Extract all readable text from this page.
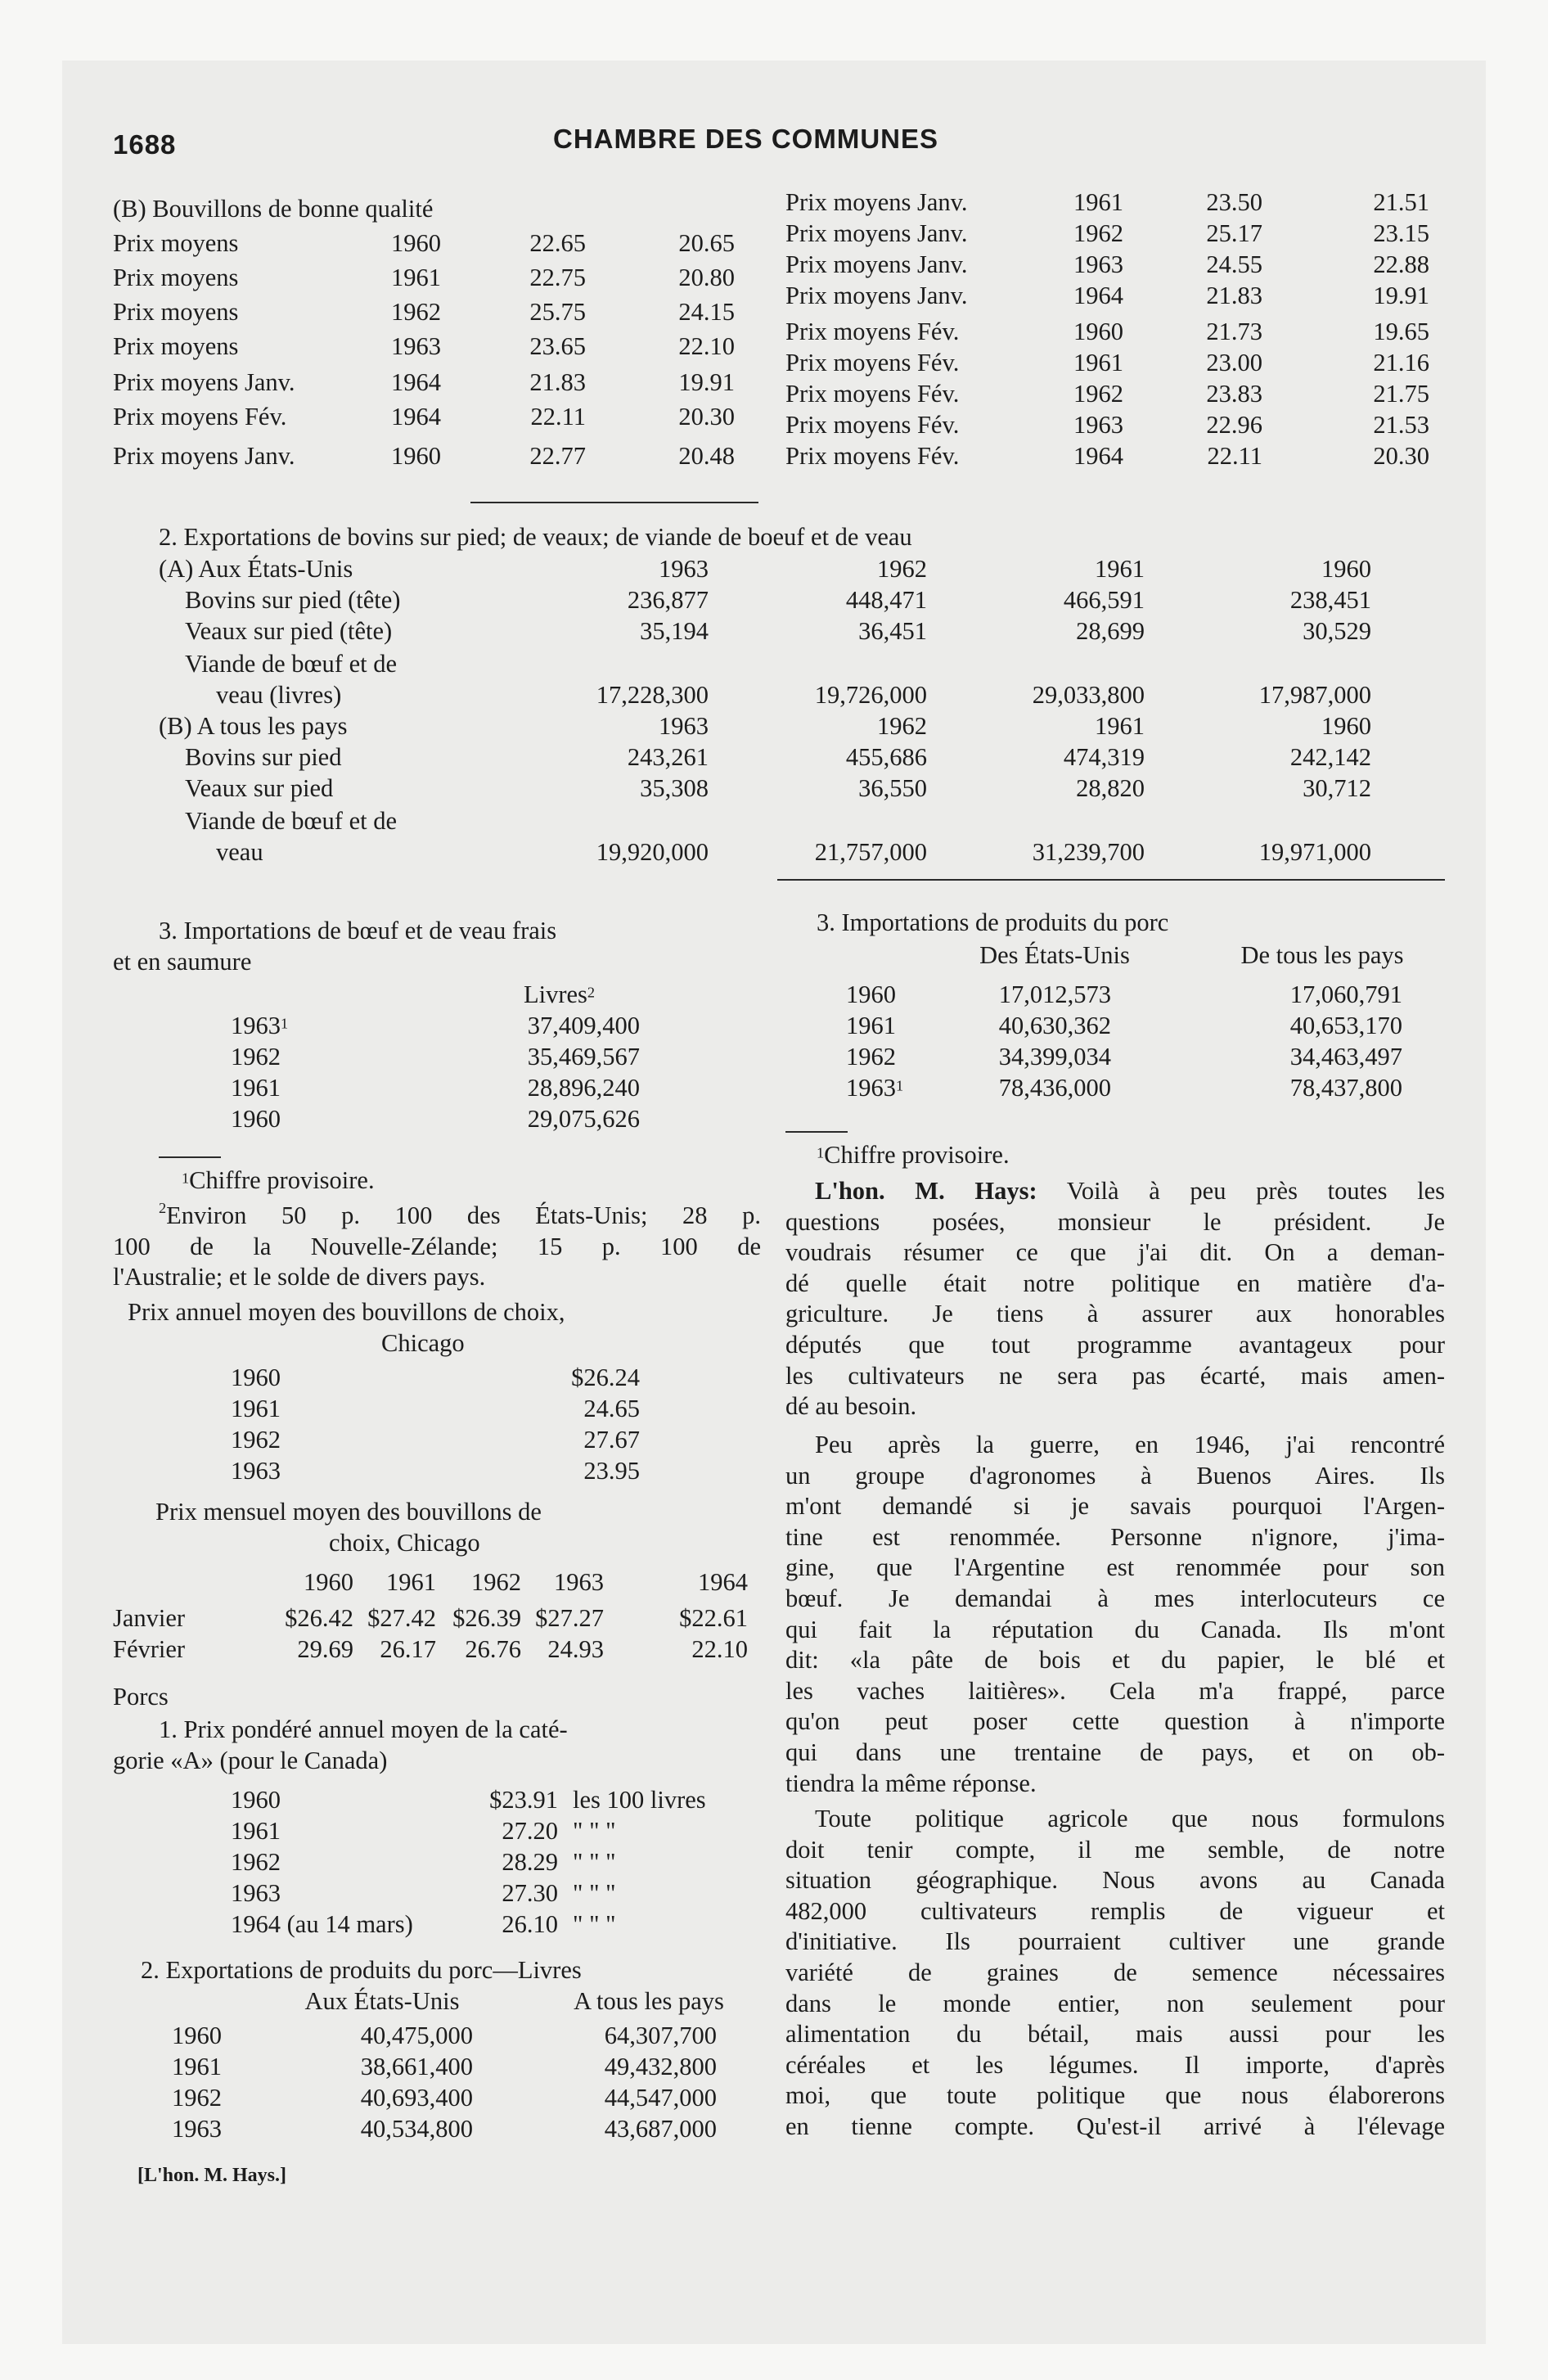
1688	CHAMBRE DES COMMUNES
(B) Bouvillons de bonne qualité
2. Exportations de bovins sur pied; de veaux; de viande de boeuf et de veau
3. Importations de bœuf et de veau frais
et en saumure
Livres$^2$
$^1$Chiffre provisoire.
$^2$Environ 50 p. 100 des États-Unis; 28 p.
100 de la Nouvelle-Zélande; 15 p. 100 de
l'Australie; et le solde de divers pays.
Prix annuel moyen des bouvillons de choix,
Chicago
Prix mensuel moyen des bouvillons de
choix, Chicago
Porcs
1. Prix pondéré annuel moyen de la caté-
gorie «A» (pour le Canada)
2. Exportations de produits du porc—Livres
Aux États-Unis	A tous les pays
[L'hon. M. Hays.]
3. Importations de produits du porc
Des États-Unis	De tous les pays
$^1$Chiffre provisoire.
L'hon. M. Hays: Voilà à peu près toutes les
questions posées, monsieur le président. Je
voudrais résumer ce que j'ai dit. On a deman-
dé quelle était notre politique en matière d'a-
griculture. Je tiens à assurer aux honorables
députés que tout programme avantageux pour
les cultivateurs ne sera pas écarté, mais amen-
dé au besoin.
Peu après la guerre, en 1946, j'ai rencontré
un groupe d'agronomes à Buenos Aires. Ils
m'ont demandé si je savais pourquoi l'Argen-
tine est renommée. Personne n'ignore, j'ima-
gine, que l'Argentine est renommée pour son
bœuf. Je demandai à mes interlocuteurs ce
qui fait la réputation du Canada. Ils m'ont
dit: «la pâte de bois et du papier, le blé et
les vaches laitières». Cela m'a frappé, parce
qu'on peut poser cette question à n'importe
qui dans une trentaine de pays, et on ob-
tiendra la même réponse.
Toute politique agricole que nous formulons
doit tenir compte, il me semble, de notre
situation géographique. Nous avons au Canada
482,000 cultivateurs remplis de vigueur et
d'initiative. Ils pourraient cultiver une grande
variété de graines de semence nécessaires
dans le monde entier, non seulement pour
alimentation du bétail, mais aussi pour les
céréales et les légumes. Il importe, d'après
moi, que toute politique que nous élaborerons
en tienne compte. Qu'est-il arrivé à l'élevage
Prix moyens	1960	22.65	20.65
Prix moyens	1961	22.75	20.80
Prix moyens	1962	25.75	24.15
Prix moyens	1963	23.65	22.10
Prix moyens Janv.	1964	21.83	19.91
Prix moyens Fév.	1964	22.11	20.30
Prix moyens Janv.	1960	22.77	20.48
Prix moyens Janv.	1961	23.50	21.51
Prix moyens Janv.	1962	25.17	23.15
Prix moyens Janv.	1963	24.55	22.88
Prix moyens Janv.	1964	21.83	19.91
Prix moyens Fév.	1960	21.73	19.65
Prix moyens Fév.	1961	23.00	21.16
Prix moyens Fév.	1962	23.83	21.75
Prix moyens Fév.	1963	22.96	21.53
Prix moyens Fév.	1964	22.11	20.30
1963	1962	1961	1960
(A) Aux États-Unis
Bovins sur pied (tête)	236,877	448,471	466,591	238,451
Veaux sur pied (tête)	35,194	36,451	28,699	30,529
Viande de bœuf et de
veau (livres)	17,228,300	19,726,000	29,033,800	17,987,000
(B) A tous les pays	1963	1962	1961	1960
Bovins sur pied	243,261	455,686	474,319	242,142
Veaux sur pied	35,308	36,550	28,820	30,712
Viande de bœuf et de
veau	19,920,000	21,757,000	31,239,700	19,971,000
1963$^1$	37,409,400
1962	35,469,567
1961	28,896,240
1960	29,075,626
1960	$26.24
1961	24.65
1962	27.67
1963	23.95
1960	1961	1962	1963	1964
Janvier	$26.42 $27.42 $26.39 $27.27	$22.61
Février	29.69	26.17	26.76	24.93	22.10
1960	$23.91 les 100 livres
1961	27.20 " " "
1962	28.29 " " "
1963	27.30 " " "
1964 (au 14 mars)	26.10 " " "
1960	40,475,000	64,307,700
1961	38,661,400	49,432,800
1962	40,693,400	44,547,000
1963	40,534,800	43,687,000
1960	17,012,573	17,060,791
1961	40,630,362	40,653,170
1962	34,399,034	34,463,497
1963$^1$	78,436,000	78,437,800
